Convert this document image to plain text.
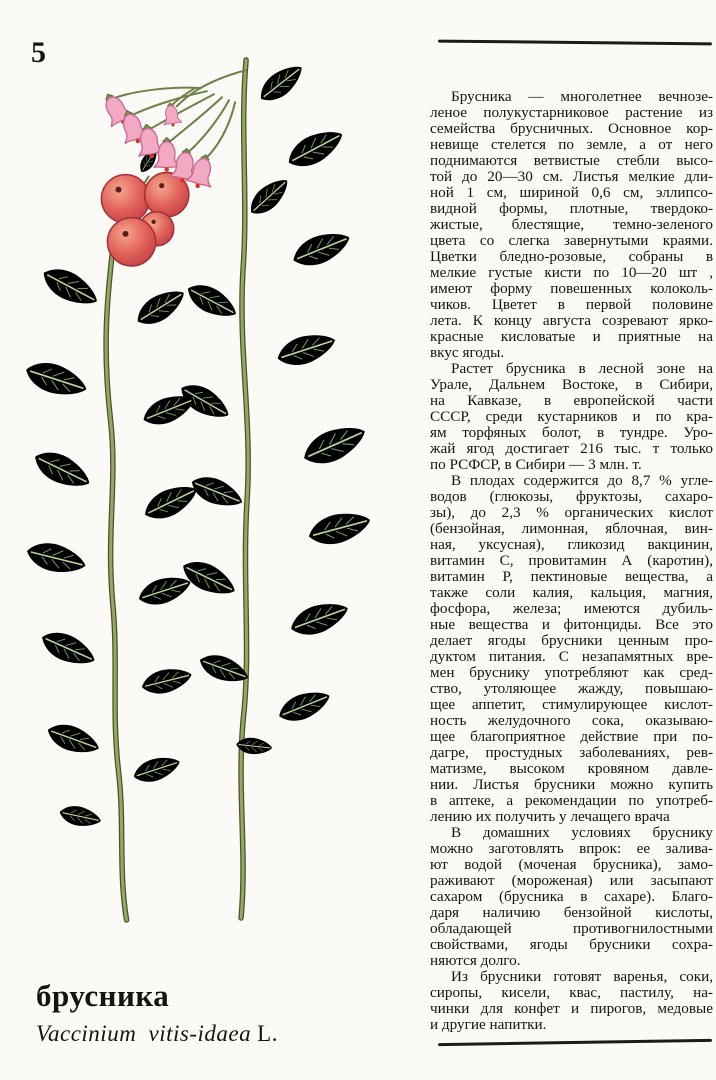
5
Брусника — многолетнее вечнозе-
леное полукустарниковое растение из
семейства брусничных. Основное кор-
невище стелется по земле, а от него
поднимаются ветвистые стебли высо-
той до 20—30 см. Листья мелкие дли-
ной 1 см, шириной 0,6 см, эллипсо-
видной формы, плотные, твердоко-
жистые, блестящие, темно-зеленого
цвета со слегка завернутыми краями.
Цветки бледно-розовые, собраны в
мелкие густые кисти по 10—20 шт ,
имеют форму повешенных колоколь-
чиков. Цветет в первой половине
лета. К концу августа созревают ярко-
красные кисловатые и приятные на
вкус ягоды.
Растет брусника в лесной зоне на
Урале, Дальнем Востоке, в Сибири,
на Кавказе, в европейской части
СССР, среди кустарников и по кра-
ям торфяных болот, в тундре. Уро-
жай ягод достигает 216 тыс. т только
по РСФСР, в Сибири — 3 млн. т.
В плодах содержится до 8,7 % угле-
водов (глюкозы, фруктозы, сахаро-
зы), до 2,3 % органических кислот
(бензойная, лимонная, яблочная, вин-
ная, уксусная), гликозид вакцинин,
витамин С, провитамин А (каротин),
витамин Р, пектиновые вещества, а
также соли калия, кальция, магния,
фосфора, железа; имеются дубиль-
ные вещества и фитонциды. Все это
делает ягоды брусники ценным про-
дуктом питания. С незапамятных вре-
мен бруснику употребляют как сред-
ство, утоляющее жажду, повышаю-
щее аппетит, стимулирующее кислот-
ность желудочного сока, оказываю-
щее благоприятное действие при по-
дагре, простудных заболеваниях, рев-
матизме, высоком кровяном давле-
нии. Листья брусники можно купить
в аптеке, а рекомендации по употреб-
лению их получить у лечащего врача
В домашних условиях бруснику
можно заготовлять впрок: ее залива-
ют водой (моченая брусника), замо-
раживают (мороженая) или засыпают
сахаром (брусника в сахаре). Благо-
даря наличию бензойной кислоты,
обладающей противогнилостными
свойствами, ягоды брусники сохра-
няются долго.
Из брусники готовят варенья, соки,
сиропы, кисели, квас, пастилу, на-
чинки для конфет и пирогов, медовые
и другие напитки.
брусника
Vaccinium vitis-idaea L.
